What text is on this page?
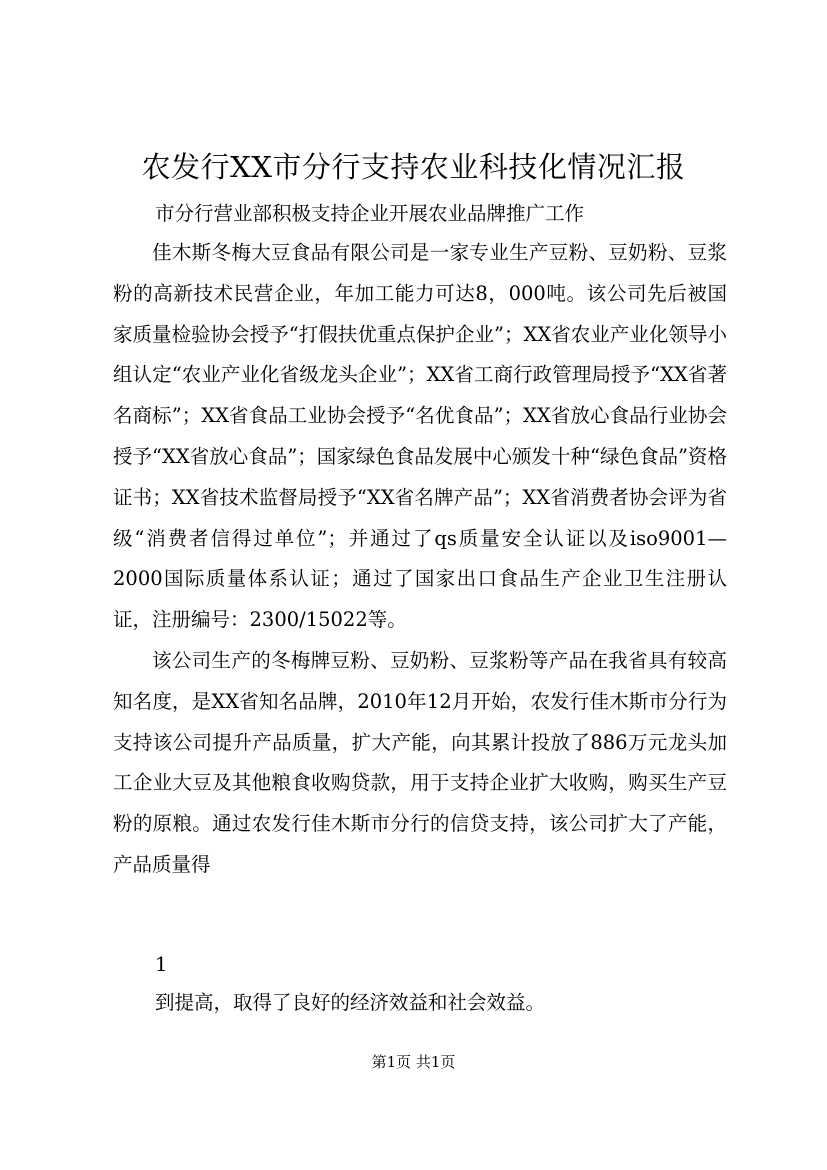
农发行XX市分行支持农业科技化情况汇报

市分行营业部积极支持企业开展农业品牌推广工作

佳木斯冬梅大豆食品有限公司是一家专业生产豆粉、豆奶粉、豆浆粉的高新技术民营企业，年加工能力可达8，000吨。该公司先后被国家质量检验协会授予“打假扶优重点保护企业”；XX省农业产业化领导小组认定“农业产业化省级龙头企业”；XX省工商行政管理局授予“XX省著名商标”；XX省食品工业协会授予“名优食品”；XX省放心食品行业协会授予“XX省放心食品”；国家绿色食品发展中心颁发十种“绿色食品”资格证书；XX省技术监督局授予“XX省名牌产品”；XX省消费者协会评为省级“消费者信得过单位”；并通过了qs质量安全认证以及iso9001—2000国际质量体系认证；通过了国家出口食品生产企业卫生注册认证，注册编号：2300/15022等。

该公司生产的冬梅牌豆粉、豆奶粉、豆浆粉等产品在我省具有较高知名度，是XX省知名品牌，2010年12月开始，农发行佳木斯市分行为支持该公司提升产品质量，扩大产能，向其累计投放了886万元龙头加工企业大豆及其他粮食收购贷款，用于支持企业扩大收购，购买生产豆粉的原粮。通过农发行佳木斯市分行的信贷支持，该公司扩大了产能，产品质量得

1
到提高，取得了良好的经济效益和社会效益。
第1页 共1页
